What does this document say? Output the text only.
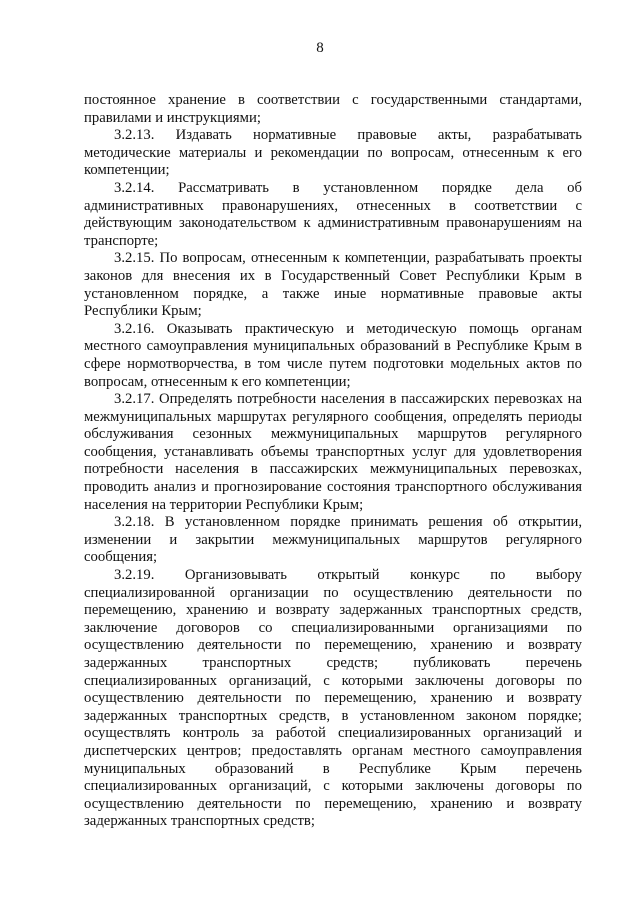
8

постоянное хранение в соответствии с государственными стандартами, правилами и инструкциями;

3.2.13. Издавать нормативные правовые акты, разрабатывать методические материалы и рекомендации по вопросам, отнесенным к его компетенции;

3.2.14. Рассматривать в установленном порядке дела об административных правонарушениях, отнесенных в соответствии с действующим законодательством к административным правонарушениям на транспорте;

3.2.15. По вопросам, отнесенным к компетенции, разрабатывать проекты законов для внесения их в Государственный Совет Республики Крым в установленном порядке, а также иные нормативные правовые акты Республики Крым;

3.2.16. Оказывать практическую и методическую помощь органам местного самоуправления муниципальных образований в Республике Крым в сфере нормотворчества, в том числе путем подготовки модельных актов по вопросам, отнесенным к его компетенции;

3.2.17. Определять потребности населения в пассажирских перевозках на межмуниципальных маршрутах регулярного сообщения, определять периоды обслуживания сезонных межмуниципальных маршрутов регулярного сообщения, устанавливать объемы транспортных услуг для удовлетворения потребности населения в пассажирских межмуниципальных перевозках, проводить анализ и прогнозирование состояния транспортного обслуживания населения на территории Республики Крым;

3.2.18. В установленном порядке принимать решения об открытии, изменении и закрытии межмуниципальных маршрутов регулярного сообщения;

3.2.19. Организовывать открытый конкурс по выбору специализированной организации по осуществлению деятельности по перемещению, хранению и возврату задержанных транспортных средств, заключение договоров со специализированными организациями по осуществлению деятельности по перемещению, хранению и возврату задержанных транспортных средств; публиковать перечень специализированных организаций, с которыми заключены договоры по осуществлению деятельности по перемещению, хранению и возврату задержанных транспортных средств, в установленном законом порядке; осуществлять контроль за работой специализированных организаций и диспетчерских центров; предоставлять органам местного самоуправления муниципальных образований в Республике Крым перечень специализированных организаций, с которыми заключены договоры по осуществлению деятельности по перемещению, хранению и возврату задержанных транспортных средств;
